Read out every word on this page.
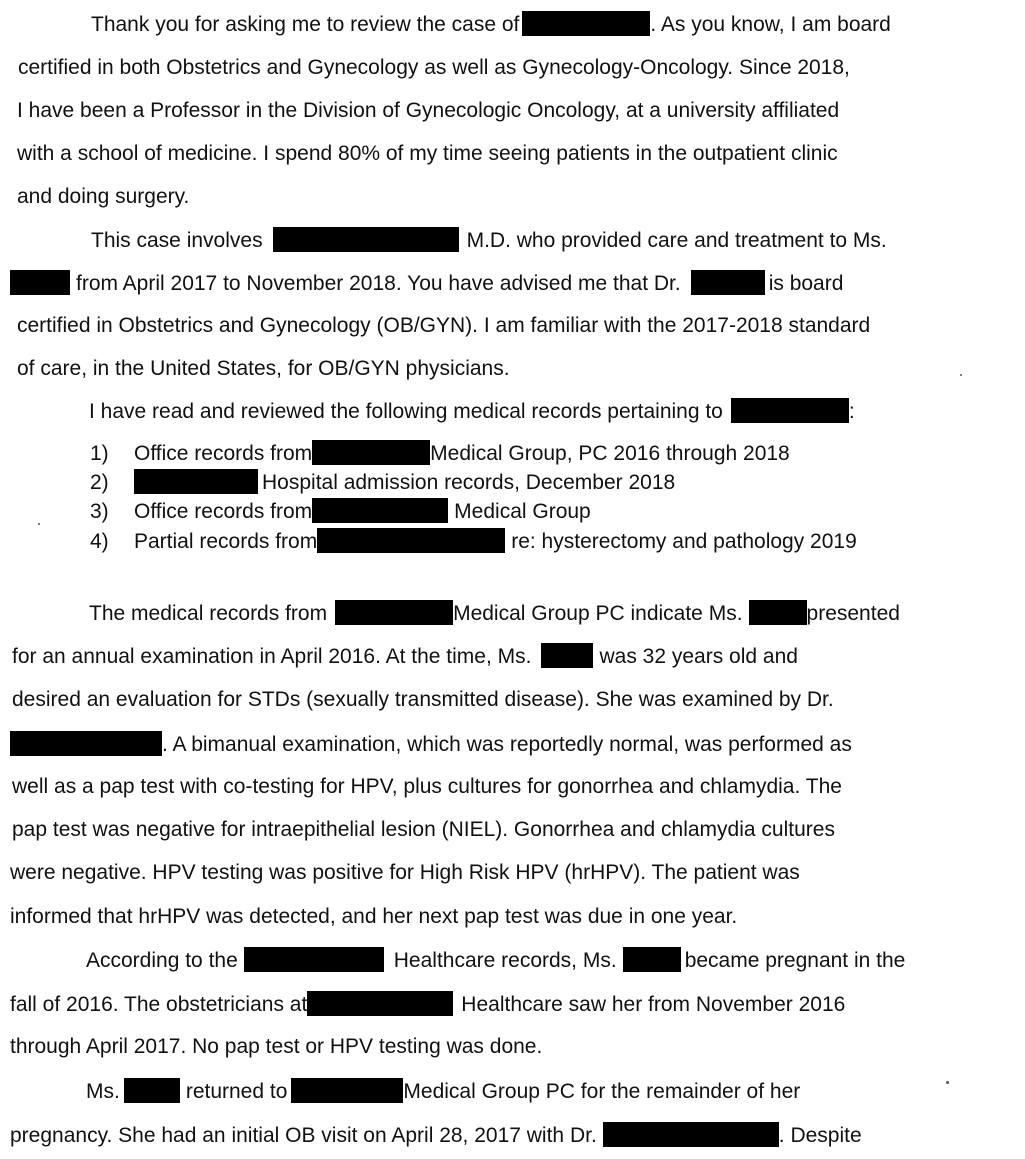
Thank you for asking me to review the case of	. As you know, I am board
certified in both Obstetrics and Gynecology as well as Gynecology-Oncology. Since 2018,
I have been a Professor in the Division of Gynecologic Oncology, at a university affiliated
with a school of medicine. I spend 80% of my time seeing patients in the outpatient clinic
and doing surgery.
This case involves	M.D. who provided care and treatment to Ms.
from April 2017 to November 2018. You have advised me that Dr.	is board
certified in Obstetrics and Gynecology (OB/GYN). I am familiar with the 2017-2018 standard
of care, in the United States, for OB/GYN physicians.
I have read and reviewed the following medical records pertaining to	:
1) Office records from	Medical Group, PC 2016 through 2018
2)	Hospital admission records, December 2018
3) Office records from	Medical Group
4) Partial records from	re: hysterectomy and pathology 2019
The medical records from	Medical Group PC indicate Ms.	presented
for an annual examination in April 2016. At the time, Ms.	was 32 years old and
desired an evaluation for STDs (sexually transmitted disease). She was examined by Dr.
. A bimanual examination, which was reportedly normal, was performed as
well as a pap test with co-testing for HPV, plus cultures for gonorrhea and chlamydia. The
pap test was negative for intraepithelial lesion (NIEL). Gonorrhea and chlamydia cultures
were negative. HPV testing was positive for High Risk HPV (hrHPV). The patient was
informed that hrHPV was detected, and her next pap test was due in one year.
According to the	Healthcare records, Ms.	became pregnant in the
fall of 2016. The obstetricians at	Healthcare saw her from November 2016
through April 2017. No pap test or HPV testing was done.
Ms.	returned to	Medical Group PC for the remainder of her
pregnancy. She had an initial OB visit on April 28, 2017 with Dr.	. Despite
